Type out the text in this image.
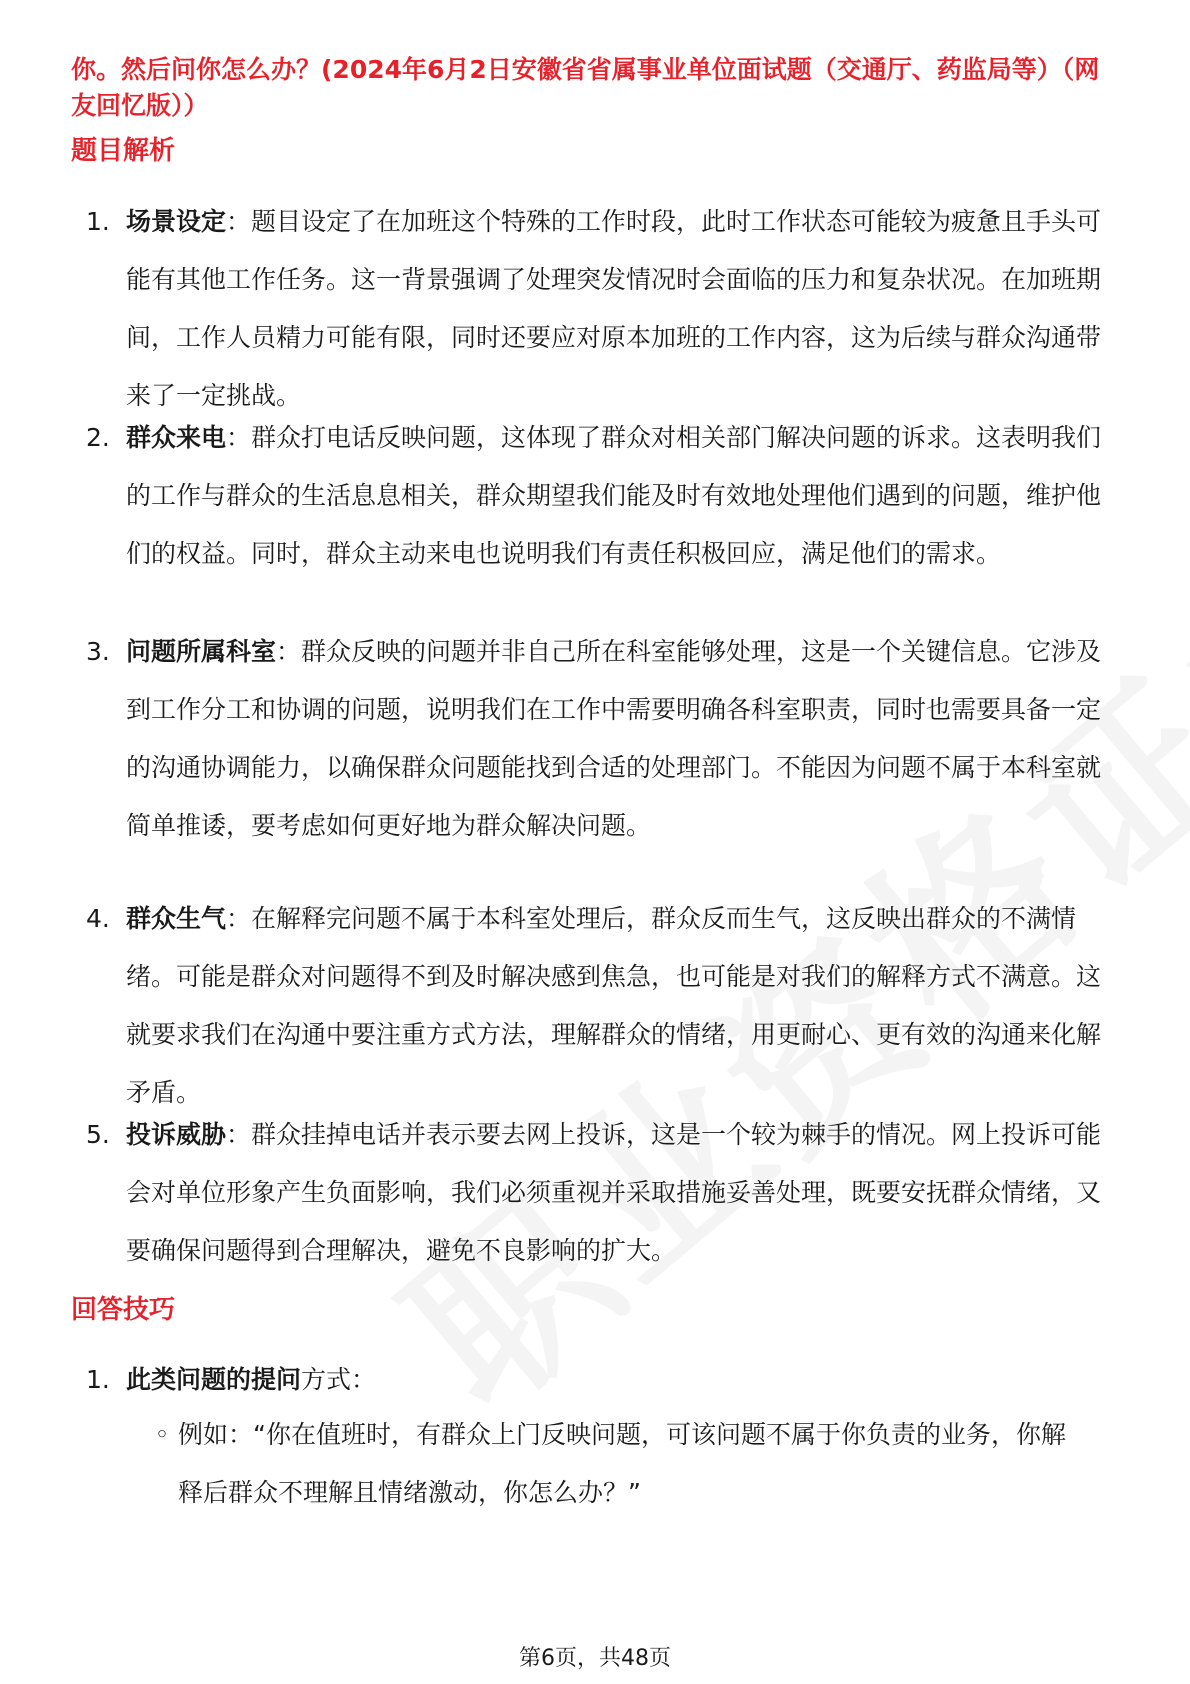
你。然后问你怎么办？(2024年6月2日安徽省省属事业单位面试题（交通厅、药监局等）（网友回忆版））
题目解析
1. 场景设定：题目设定了在加班这个特殊的工作时段，此时工作状态可能较为疲惫且手头可能有其他工作任务。这一背景强调了处理突发情况时会面临的压力和复杂状况。在加班期间，工作人员精力可能有限，同时还要应对原本加班的工作内容，这为后续与群众沟通带来了一定挑战。
2. 群众来电：群众打电话反映问题，这体现了群众对相关部门解决问题的诉求。这表明我们的工作与群众的生活息息相关，群众期望我们能及时有效地处理他们遇到的问题，维护他们的权益。同时，群众主动来电也说明我们有责任积极回应，满足他们的需求。
3. 问题所属科室：群众反映的问题并非自己所在科室能够处理，这是一个关键信息。它涉及到工作分工和协调的问题，说明我们在工作中需要明确各科室职责，同时也需要具备一定的沟通协调能力，以确保群众问题能找到合适的处理部门。不能因为问题不属于本科室就简单推诿，要考虑如何更好地为群众解决问题。
4. 群众生气：在解释完问题不属于本科室处理后，群众反而生气，这反映出群众的不满情绪。可能是群众对问题得不到及时解决感到焦急，也可能是对我们的解释方式不满意。这就要求我们在沟通中要注重方式方法，理解群众的情绪，用更耐心、更有效的沟通来化解矛盾。
5. 投诉威胁：群众挂掉电话并表示要去网上投诉，这是一个较为棘手的情况。网上投诉可能会对单位形象产生负面影响，我们必须重视并采取措施妥善处理，既要安抚群众情绪，又要确保问题得到合理解决，避免不良影响的扩大。
回答技巧
1. 此类问题的提问方式：
◦ 例如：“你在值班时，有群众上门反映问题，可该问题不属于你负责的业务，你解释后群众不理解且情绪激动，你怎么办？”
第6页，共48页
